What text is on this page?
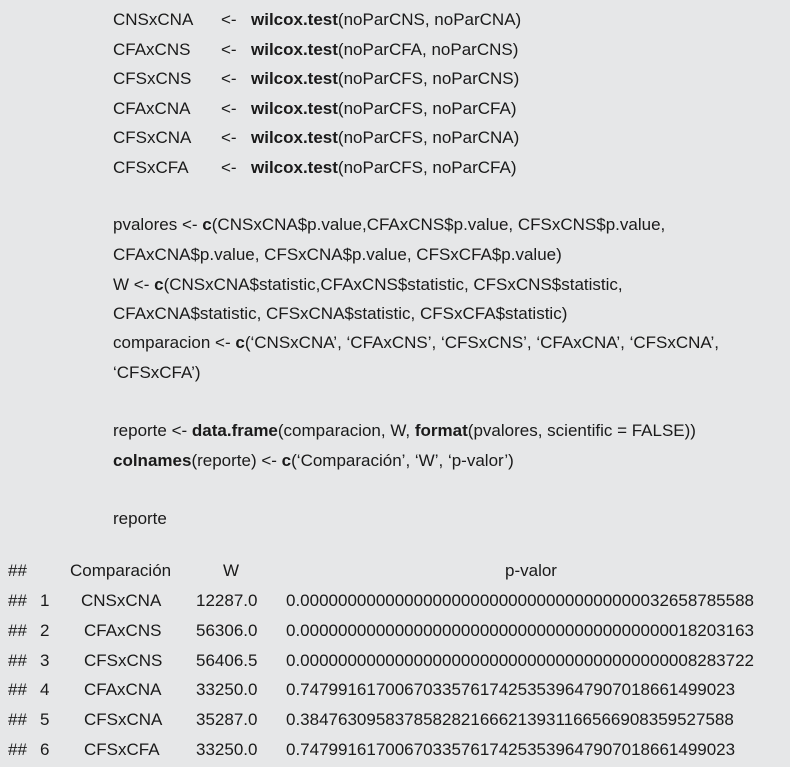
CNSxCNA <- wilcox.test(noParCNS, noParCNA)
CFAxCNS <- wilcox.test(noParCFA, noParCNS)
CFSxCNS <- wilcox.test(noParCFS, noParCNS)
CFAxCNA <- wilcox.test(noParCFS, noParCFA)
CFSxCNA <- wilcox.test(noParCFS, noParCNA)
CFSxCFA <- wilcox.test(noParCFS, noParCFA)
pvalores <- c(CNSxCNA$p.value,CFAxCNS$p.value, CFSxCNS$p.value,
CFAxCNA$p.value, CFSxCNA$p.value, CFSxCFA$p.value)
W <- c(CNSxCNA$statistic,CFAxCNS$statistic, CFSxCNS$statistic,
CFAxCNA$statistic, CFSxCNA$statistic, CFSxCFA$statistic)
comparacion <- c(‘CNSxCNA’, ‘CFAxCNS’, ‘CFSxCNS’, ‘CFAxCNA’, ‘CFSxCNA’,
‘CFSxCFA’)
reporte <- data.frame(comparacion, W, format(pvalores, scientific = FALSE))
colnames(reporte) <- c(‘Comparación’, ‘W’, ‘p-valor’)
reporte
##	Comparación	W	p-valor
## 1 CNSxCNA 12287.0 0.000000000000000000000000000000000000032658785588
## 2 CFAxCNS 56306.0 0.000000000000000000000000000000000000000018203163
## 3 CFSxCNS 56406.5 0.000000000000000000000000000000000000000008283722
## 4 CFAxCNA 33250.0 0.747991617006703357617425353964790701866149902​3
## 5 CFSxCNA 35287.0 0.384763095837858282166621393116656690835952758​8
## 6 CFSxCFA 33250.0 0.747991617006703357617425353964790701866149902​3
